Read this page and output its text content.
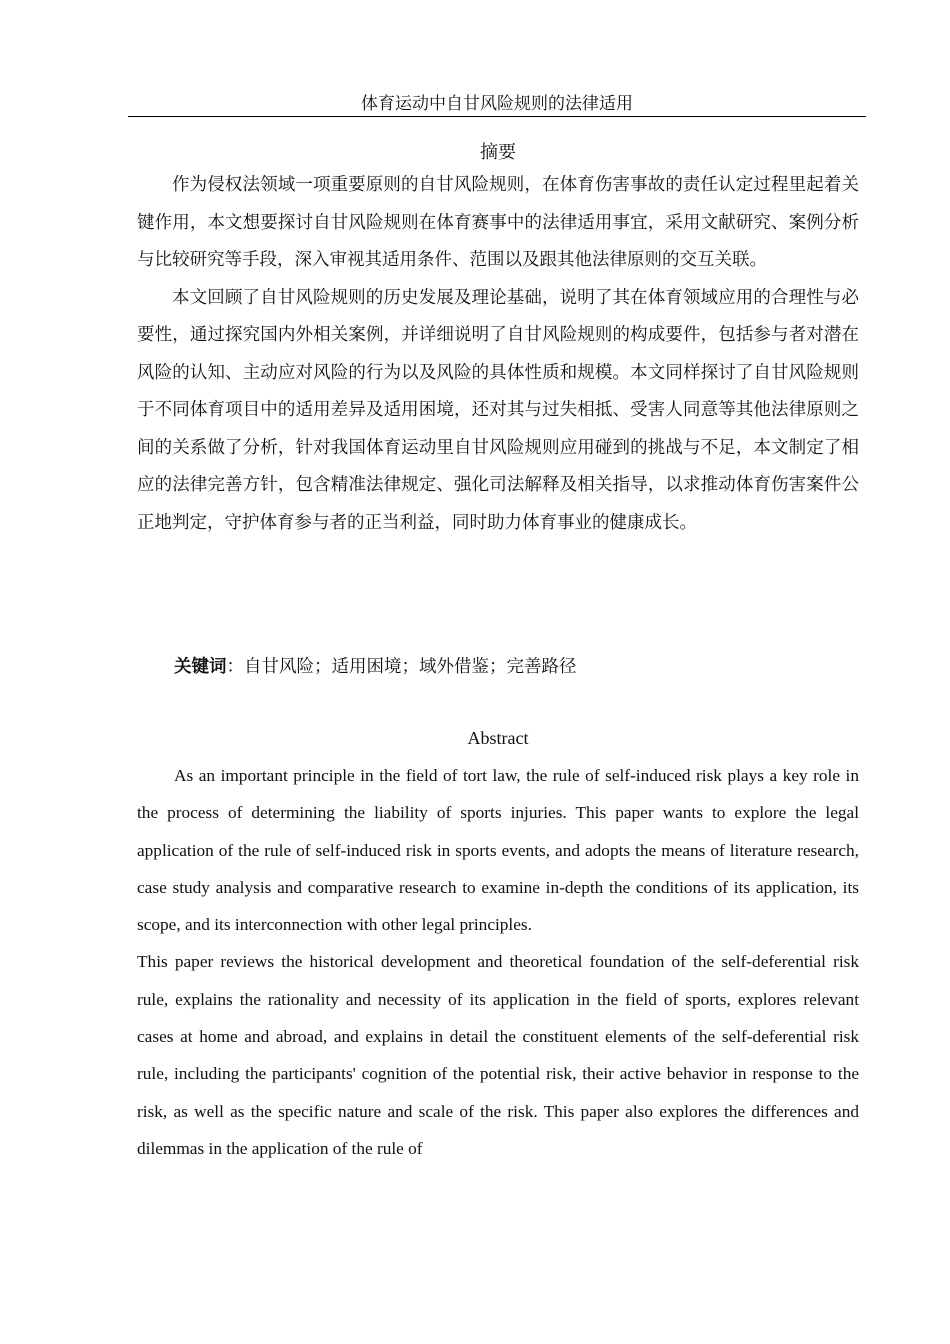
体育运动中自甘风险规则的法律适用
摘要

作为侵权法领域一项重要原则的自甘风险规则，在体育伤害事故的责任认定过程里起着关键作用，本文想要探讨自甘风险规则在体育赛事中的法律适用事宜，采用文献研究、案例分析与比较研究等手段，深入审视其适用条件、范围以及跟其他法律原则的交互关联。

本文回顾了自甘风险规则的历史发展及理论基础，说明了其在体育领域应用的合理性与必要性，通过探究国内外相关案例，并详细说明了自甘风险规则的构成要件，包括参与者对潜在风险的认知、主动应对风险的行为以及风险的具体性质和规模。本文同样探讨了自甘风险规则于不同体育项目中的适用差异及适用困境，还对其与过失相抵、受害人同意等其他法律原则之间的关系做了分析，针对我国体育运动里自甘风险规则应用碰到的挑战与不足，本文制定了相应的法律完善方针，包含精准法律规定、强化司法解释及相关指导，以求推动体育伤害案件公正地判定，守护体育参与者的正当利益，同时助力体育事业的健康成长。

关键词：自甘风险；适用困境；域外借鉴；完善路径
Abstract

As an important principle in the field of tort law, the rule of self-induced risk plays a key role in the process of determining the liability of sports injuries. This paper wants to explore the legal application of the rule of self-induced risk in sports events, and adopts the means of literature research, case study analysis and comparative research to examine in-depth the conditions of its application, its scope, and its interconnection with other legal principles.

This paper reviews the historical development and theoretical foundation of the self-deferential risk rule, explains the rationality and necessity of its application in the field of sports, explores relevant cases at home and abroad, and explains in detail the constituent elements of the self-deferential risk rule, including the participants' cognition of the potential risk, their active behavior in response to the risk, as well as the specific nature and scale of the risk. This paper also explores the differences and dilemmas in the application of the rule of
